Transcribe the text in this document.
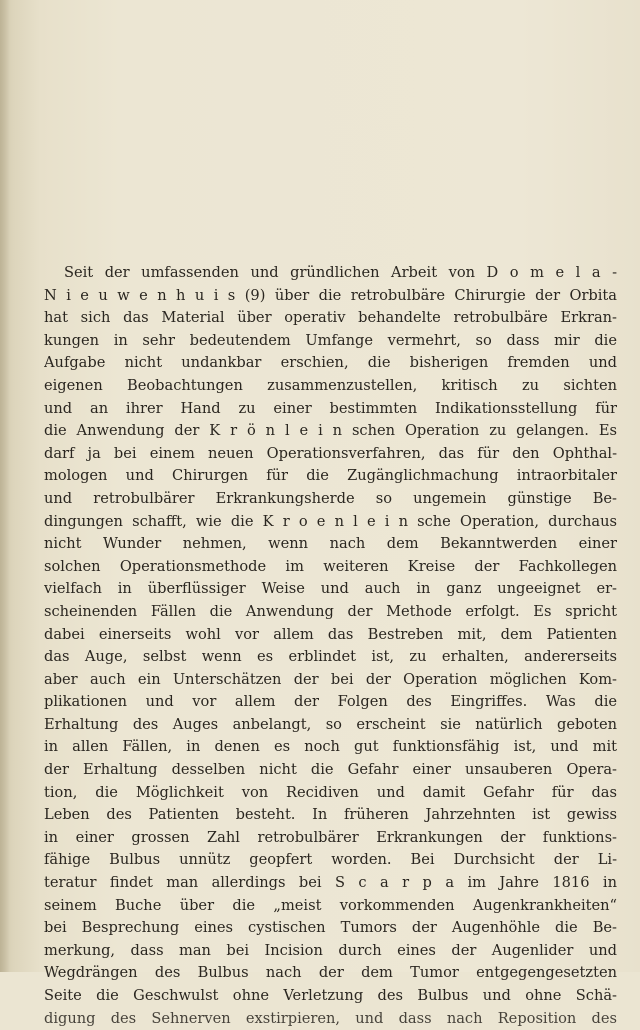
Seit der umfassenden und gründlichen Arbeit von D o m e l a -
N i e u w e n h u i s (9) über die retrobulbäre Chirurgie der Orbita
hat sich das Material über operativ behandelte retrobulbäre Erkran-
kungen in sehr bedeutendem Umfange vermehrt, so dass mir die
Aufgabe nicht undankbar erschien, die bisherigen fremden und
eigenen Beobachtungen zusammenzustellen, kritisch zu sichten
und an ihrer Hand zu einer bestimmten Indikationsstellung für
die Anwendung der K r ö n l e i n schen Operation zu gelangen. Es
darf ja bei einem neuen Operationsverfahren, das für den Ophthal-
mologen und Chirurgen für die Zugänglichmachung intraorbitaler
und retrobulbärer Erkrankungsherde so ungemein günstige Be-
dingungen schafft, wie die K r o e n l e i n sche Operation, durchaus
nicht Wunder nehmen, wenn nach dem Bekanntwerden einer
solchen Operationsmethode im weiteren Kreise der Fachkollegen
vielfach in überflüssiger Weise und auch in ganz ungeeignet er-
scheinenden Fällen die Anwendung der Methode erfolgt. Es spricht
dabei einerseits wohl vor allem das Bestreben mit, dem Patienten
das Auge, selbst wenn es erblindet ist, zu erhalten, andererseits
aber auch ein Unterschätzen der bei der Operation möglichen Kom-
plikationen und vor allem der Folgen des Eingriffes. Was die
Erhaltung des Auges anbelangt, so erscheint sie natürlich geboten
in allen Fällen, in denen es noch gut funktionsfähig ist, und mit
der Erhaltung desselben nicht die Gefahr einer unsauberen Opera-
tion, die Möglichkeit von Recidiven und damit Gefahr für das
Leben des Patienten besteht. In früheren Jahrzehnten ist gewiss
in einer grossen Zahl retrobulbärer Erkrankungen der funktions-
fähige Bulbus unnütz geopfert worden. Bei Durchsicht der Li-
teratur findet man allerdings bei S c a r p a im Jahre 1816 in
seinem Buche über die „meist vorkommenden Augenkrankheiten“
bei Besprechung eines cystischen Tumors der Augenhöhle die Be-
merkung, dass man bei Incision durch eines der Augenlider und
Wegdrängen des Bulbus nach der dem Tumor entgegengesetzten
Seite die Geschwulst ohne Verletzung des Bulbus und ohne Schä-
digung des Sehnerven exstirpieren, und dass nach Reposition des
